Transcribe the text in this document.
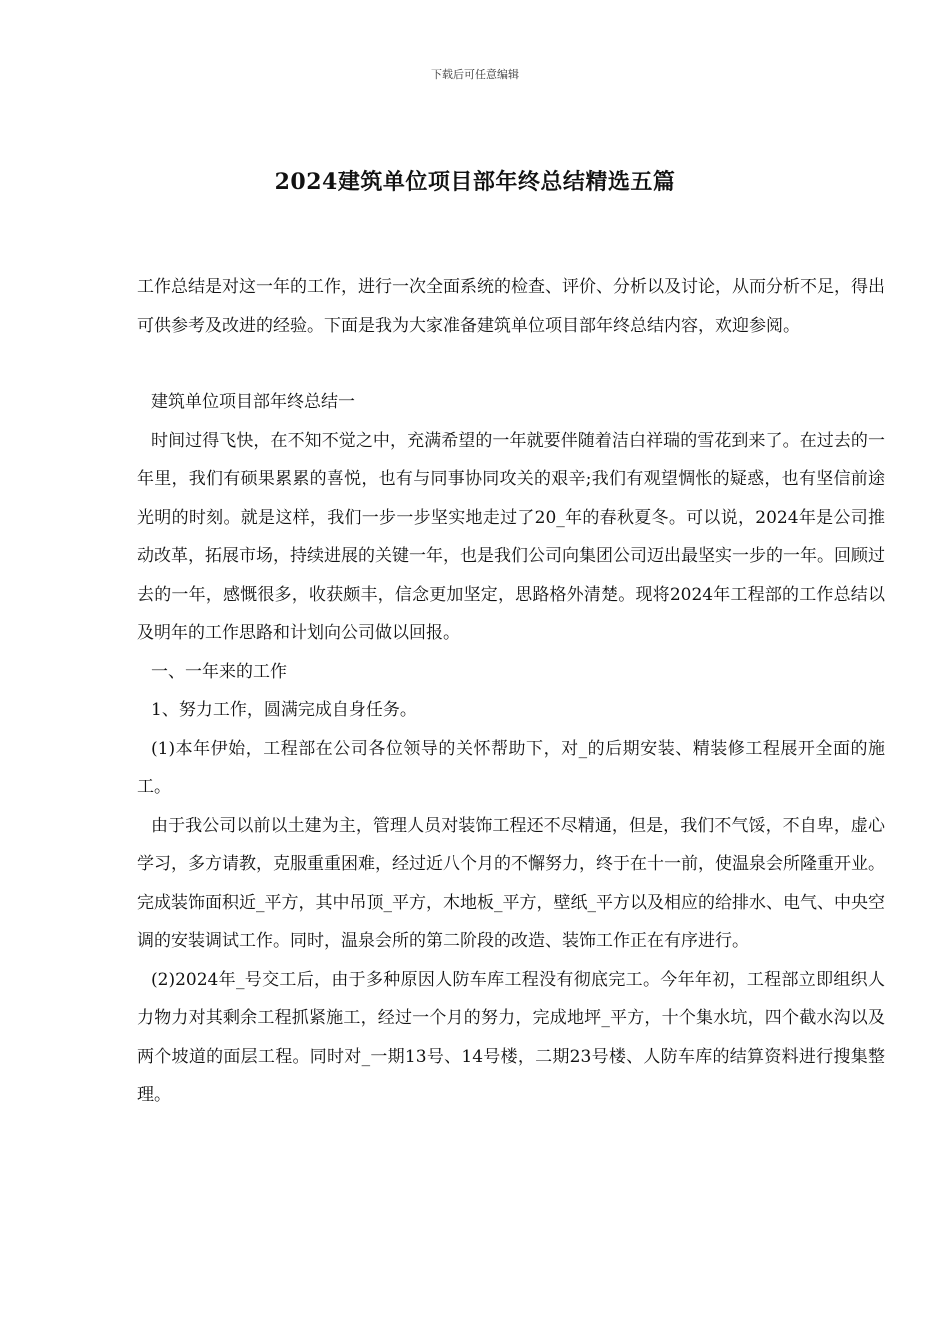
下载后可任意编辑
2024建筑单位项目部年终总结精选五篇

工作总结是对这一年的工作，进行一次全面系统的检查、评价、分析以及讨论，从而分析不足，得出可供参考及改进的经验。下面是我为大家准备建筑单位项目部年终总结内容，欢迎参阅。

建筑单位项目部年终总结一

时间过得飞快，在不知不觉之中，充满希望的一年就要伴随着洁白祥瑞的雪花到来了。在过去的一年里，我们有硕果累累的喜悦，也有与同事协同攻关的艰辛;我们有观望惆怅的疑惑，也有坚信前途光明的时刻。就是这样，我们一步一步坚实地走过了20_年的春秋夏冬。可以说，2024年是公司推动改革，拓展市场，持续进展的关键一年，也是我们公司向集团公司迈出最坚实一步的一年。回顾过去的一年，感慨很多，收获颇丰，信念更加坚定，思路格外清楚。现将2024年工程部的工作总结以及明年的工作思路和计划向公司做以回报。

一、一年来的工作

1、努力工作，圆满完成自身任务。

(1)本年伊始，工程部在公司各位领导的关怀帮助下，对_的后期安装、精装修工程展开全面的施工。

由于我公司以前以土建为主，管理人员对装饰工程还不尽精通，但是，我们不气馁，不自卑，虚心学习，多方请教，克服重重困难，经过近八个月的不懈努力，终于在十一前，使温泉会所隆重开业。完成装饰面积近_平方，其中吊顶_平方，木地板_平方，壁纸_平方以及相应的给排水、电气、中央空调的安装调试工作。同时，温泉会所的第二阶段的改造、装饰工作正在有序进行。

(2)2024年_号交工后，由于多种原因人防车库工程没有彻底完工。今年年初，工程部立即组织人力物力对其剩余工程抓紧施工，经过一个月的努力，完成地坪_平方，十个集水坑，四个截水沟以及两个坡道的面层工程。同时对_一期13号、14号楼，二期23号楼、人防车库的结算资料进行搜集整理。
